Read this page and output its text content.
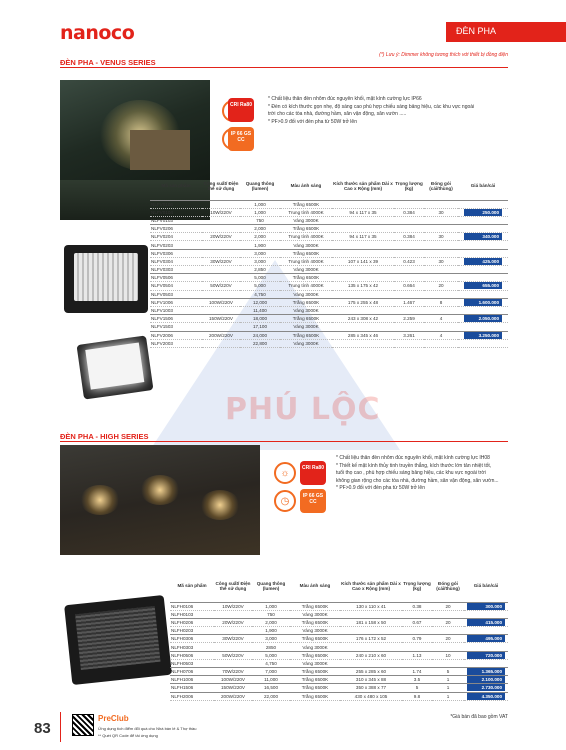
nanoco	ĐÈN PHA
(*) Lưu ý: Dimmer không tương thích với thiết bị đồng điện
ĐÈN PHA - VENUS SERIES
CRI Ra80
IP 66 GS CC
* Chất liệu thân đèn nhôm đúc nguyên khối, mặt kính cường lực IP66
* Đèn có kích thước gọn nhẹ, độ sáng cao phù hợp chiếu sáng bảng hiệu, các khu vực ngoài
trời cho các tòa nhà, đường hầm, sân vận động, sân vườn .....
* PF>0.9 đối với đèn pha từ 50W trở lên
Mã sản phẩm	Công suất/ Điện thế sử dụng	Quang thông (lumen)	Màu ánh sáng	Kích thước sản phẩm Dài x Cao x Rộng (mm)	Trọng lượng (kg)	Đóng gói (cái/thùng)	Giá bán/cái
NLFV0106		1,000	Trắng 6500K				
NLFV0104	10W/220V	1,000	Trung tính 4000K	94 x 117 x 35	0.384	30	250.000
NLFV0103		750	Vàng 3000K				
NLFV0206		2,000	Trắng 6500K				
NLFV0204	20W/220V	2,000	Trung tính 4000K	94 x 117 x 35	0.384	30	340.000
NLFV0203		1,900	Vàng 3000K				
NLFV0306		3,000	Trắng 6500K				
NLFV0304	30W/220V	3,000	Trung tính 4000K	107 x 141 x 39	0.423	30	425.000
NLFV0303		2,850	Vàng 3000K				
NLFV0506		5,000	Trắng 6500K				
NLFV0504	50W/220V	5,000	Trung tính 4000K	135 x 175 x 42	0.664	20	655.000
NLFV0503		4,750	Vàng 3000K				
NLFV1006	100W/220V	12,000	Trắng 6500K	175 x 255 x 48	1.467	8	1.600.000
NLFV1003		11,400	Vàng 3000K				
NLFV1506	150W/220V	18,000	Trắng 6500K	243 x 308 x 42	2.259	4	2.050.000
NLFV1503		17,100	Vàng 3000K				
NLFV2006	200W/220V	24,000	Trắng 6500K	285 x 345 x 46	3.261	4	3.250.000
NLFV2003		22,800	Vàng 3000K				
PHÚ LỘC
ĐÈN PHA - HIGH SERIES
☼	CRI Ra80
◷	IP 66 GS CC
* Chất liệu thân đèn nhôm đúc nguyên khối, mặt kính cường lực IH08
* Thiết kế mặt kính thủy tinh truyền thẳng, kích thước lớn tản nhiệt tốt,
tuổi thọ cao , phù hợp chiếu sáng bảng hiệu, các khu vực ngoài trời
không gian rộng cho các tòa nhà, đường hầm, sân vận động, sân vườn...
* PF>0.9 đối với đèn pha từ 50W trở lên
Mã sản phẩm	Công suất/ Điện thế sử dụng	Quang thông (lumen)	Màu ánh sáng	Kích thước sản phẩm Dài x Cao x Rộng (mm)	Trọng lượng (kg)	Đóng gói (cái/thùng)	Giá bán/cái
NLFH0106	10W/220V	1,000	Trắng 6500K	130 x 110 x 41	0.38	20	300.000
NLFH0103		750	Vàng 3000K				
NLFH0206	20W/220V	2,000	Trắng 6500K	181 x 158 x 50	0.67	20	415.000
NLFH0203		1,900	Vàng 3000K				
NLFH0306	30W/220V	3,000	Trắng 6500K	176 x 172 x 52	0.79	20	495.000
NLFH0303		2850	Vàng 3000K				
NLFH0506	50W/220V	5,000	Trắng 6500K	240 x 210 x 60	1.13	10	720.000
NLFH0503		4,750	Vàng 3000K				
NLFH0706	70W/220V	7,000	Trắng 6500K	255 x 285 x 60	1.74	5	1.365.000
NLFH1006	100W/220V	11,000	Trắng 6500K	310 x 345 x 88	3.5	1	2.100.000
NLFH1506	150W/220V	16,500	Trắng 6500K	350 x 388 x 77	5	1	2.730.000
NLFH2006	200W/220V	22,000	Trắng 6500K	430 x 480 x 105	9.8	1	4.350.000
83
PreClub
Ứng dụng tích điểm đổi quà cho Nhà bán lẻ & Thợ thầu
** Quét QR Code để tải ứng dụng
*Giá bán đã bao gồm VAT
